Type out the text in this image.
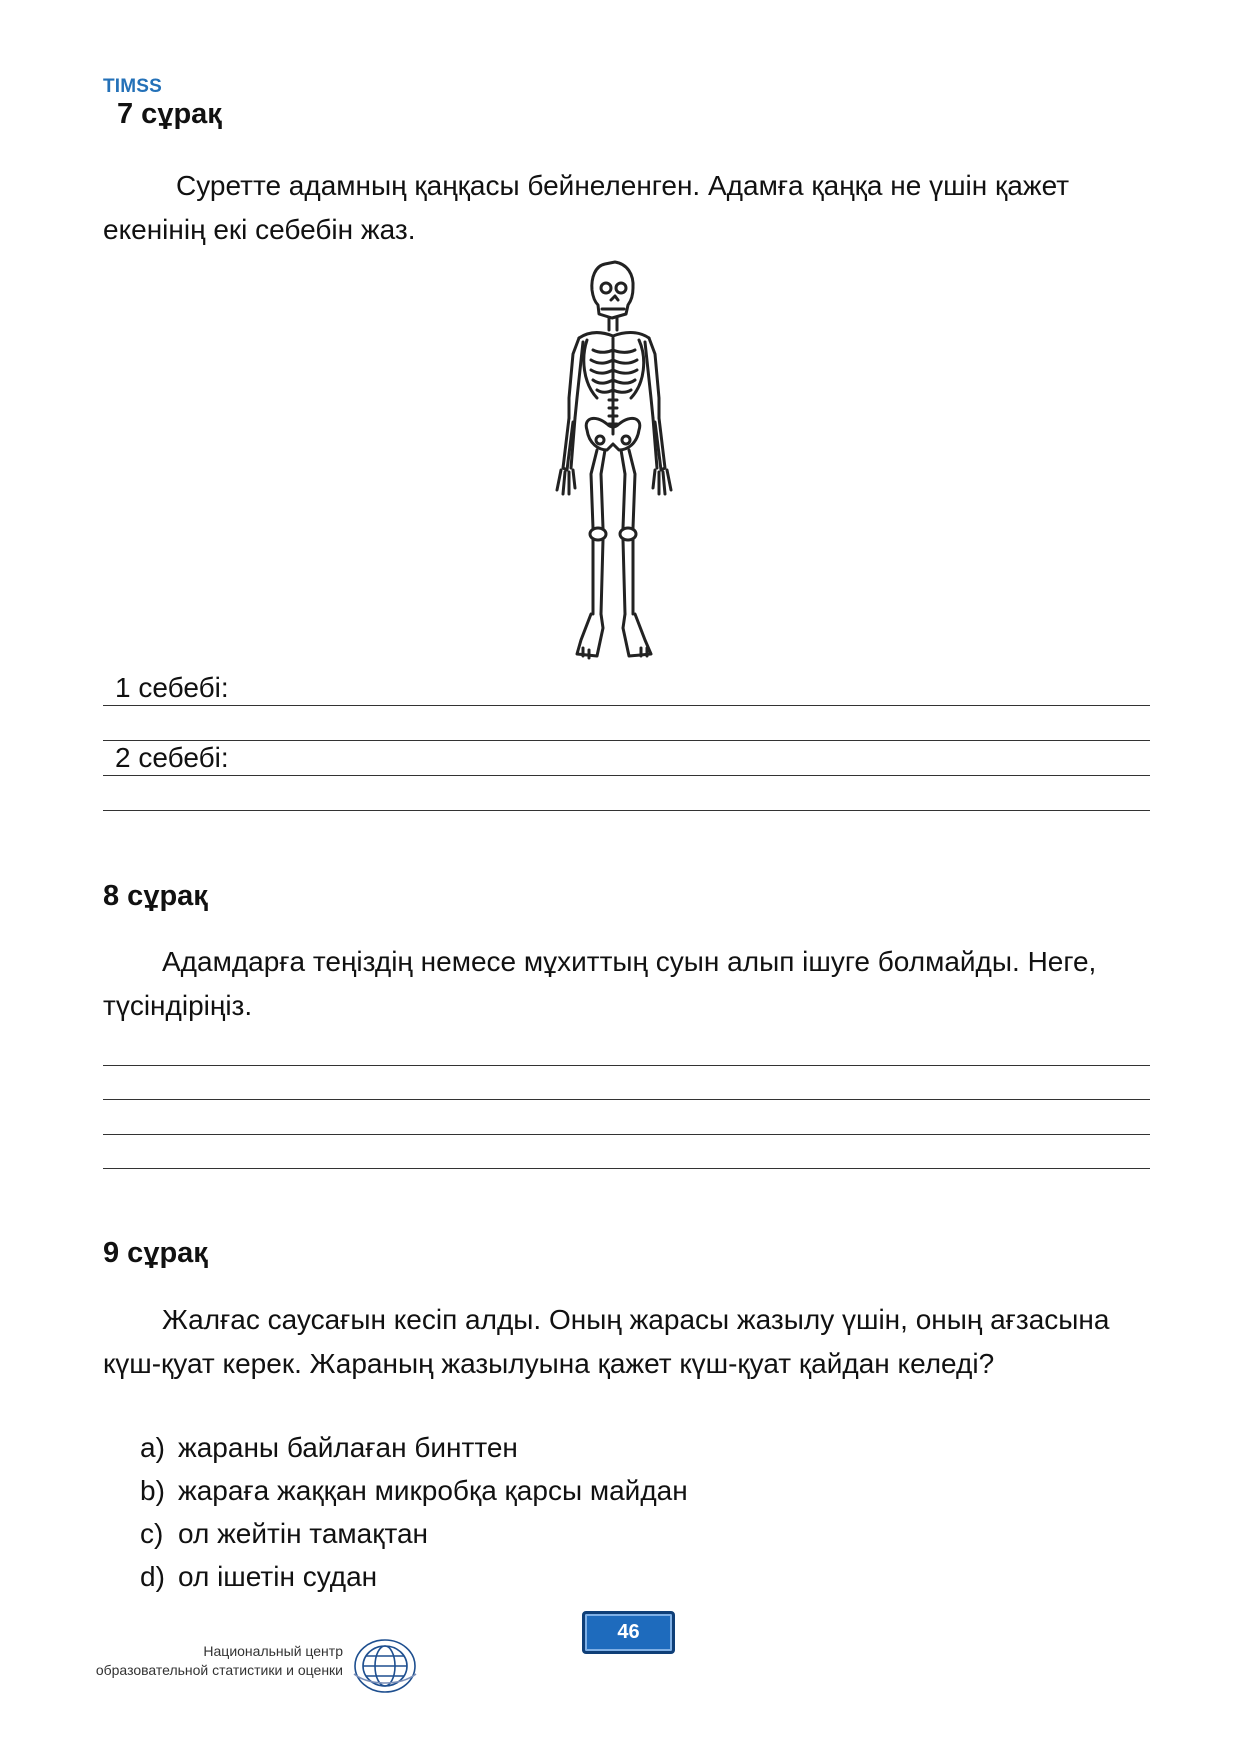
TIMSS
7 сұрақ
Суретте адамның қаңқасы бейнеленген. Адамға қаңқа не үшін қажет
екенінің екі себебін жаз.
1 себебі:
2 себебі:
8 сұрақ
Адамдарға теңіздің немесе мұхиттың суын алып ішуге болмайды. Неге,
түсіндіріңіз.
9 сұрақ
Жалғас саусағын кесіп алды. Оның жарасы жазылу үшін, оның ағзасына
күш-қуат керек. Жараның жазылуына қажет күш-қуат қайдан келеді?
a) жараны байлаған бинттен
b) жараға жаққан микробқа қарсы майдан
c) ол жейтін тамақтан
d) ол ішетін судан
46
Национальный центр
образовательной статистики и оценки
